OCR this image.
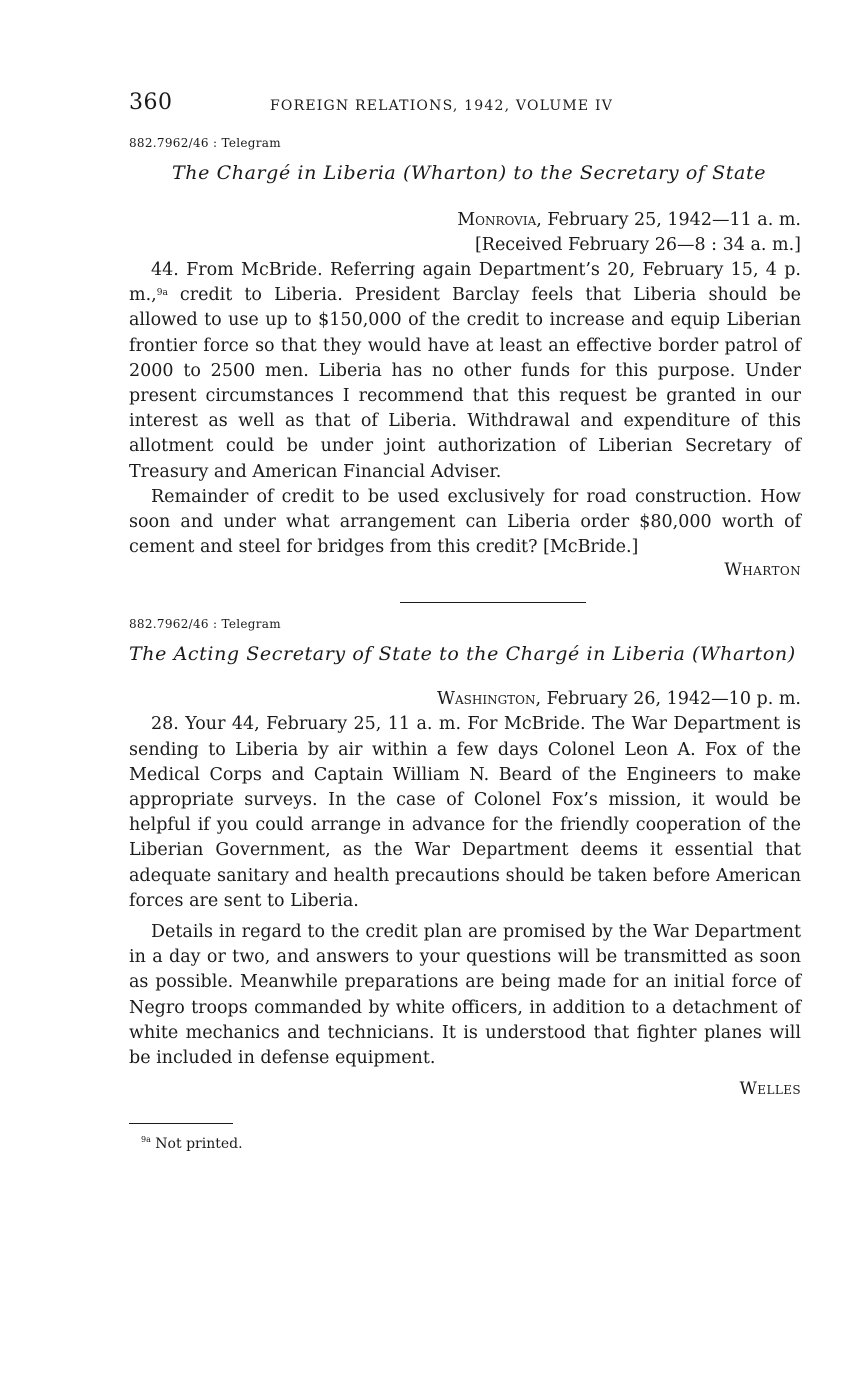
360	FOREIGN RELATIONS, 1942, VOLUME IV
882.7962/46 : Telegram
The Chargé in Liberia (Wharton) to the Secretary of State
Monrovia, February 25, 1942—11 a. m.
[Received February 26—8 : 34 a. m.]

44. From McBride. Referring again Department’s 20, February 15, 4 p. m.,$^{9a}$ credit to Liberia. President Barclay feels that Liberia should be allowed to use up to $150,000 of the credit to increase and equip Liberian frontier force so that they would have at least an effective border patrol of 2000 to 2500 men. Liberia has no other funds for this purpose. Under present circumstances I recommend that this request be granted in our interest as well as that of Liberia. Withdrawal and expenditure of this allotment could be under joint authorization of Liberian Secretary of Treasury and American Financial Adviser.

Remainder of credit to be used exclusively for road construction. How soon and under what arrangement can Liberia order $80,000 worth of cement and steel for bridges from this credit? [McBride.]

Wharton
882.7962/46 : Telegram
The Acting Secretary of State to the Chargé in Liberia (Wharton)
Washington, February 26, 1942—10 p. m.

28. Your 44, February 25, 11 a. m. For McBride. The War Department is sending to Liberia by air within a few days Colonel Leon A. Fox of the Medical Corps and Captain William N. Beard of the Engineers to make appropriate surveys. In the case of Colonel Fox’s mission, it would be helpful if you could arrange in advance for the friendly cooperation of the Liberian Government, as the War Department deems it essential that adequate sanitary and health precautions should be taken before American forces are sent to Liberia.

Details in regard to the credit plan are promised by the War Department in a day or two, and answers to your questions will be transmitted as soon as possible. Meanwhile preparations are being made for an initial force of Negro troops commanded by white officers, in addition to a detachment of white mechanics and technicians. It is understood that fighter planes will be included in defense equipment.

Welles
$^{9a}$ Not printed.
